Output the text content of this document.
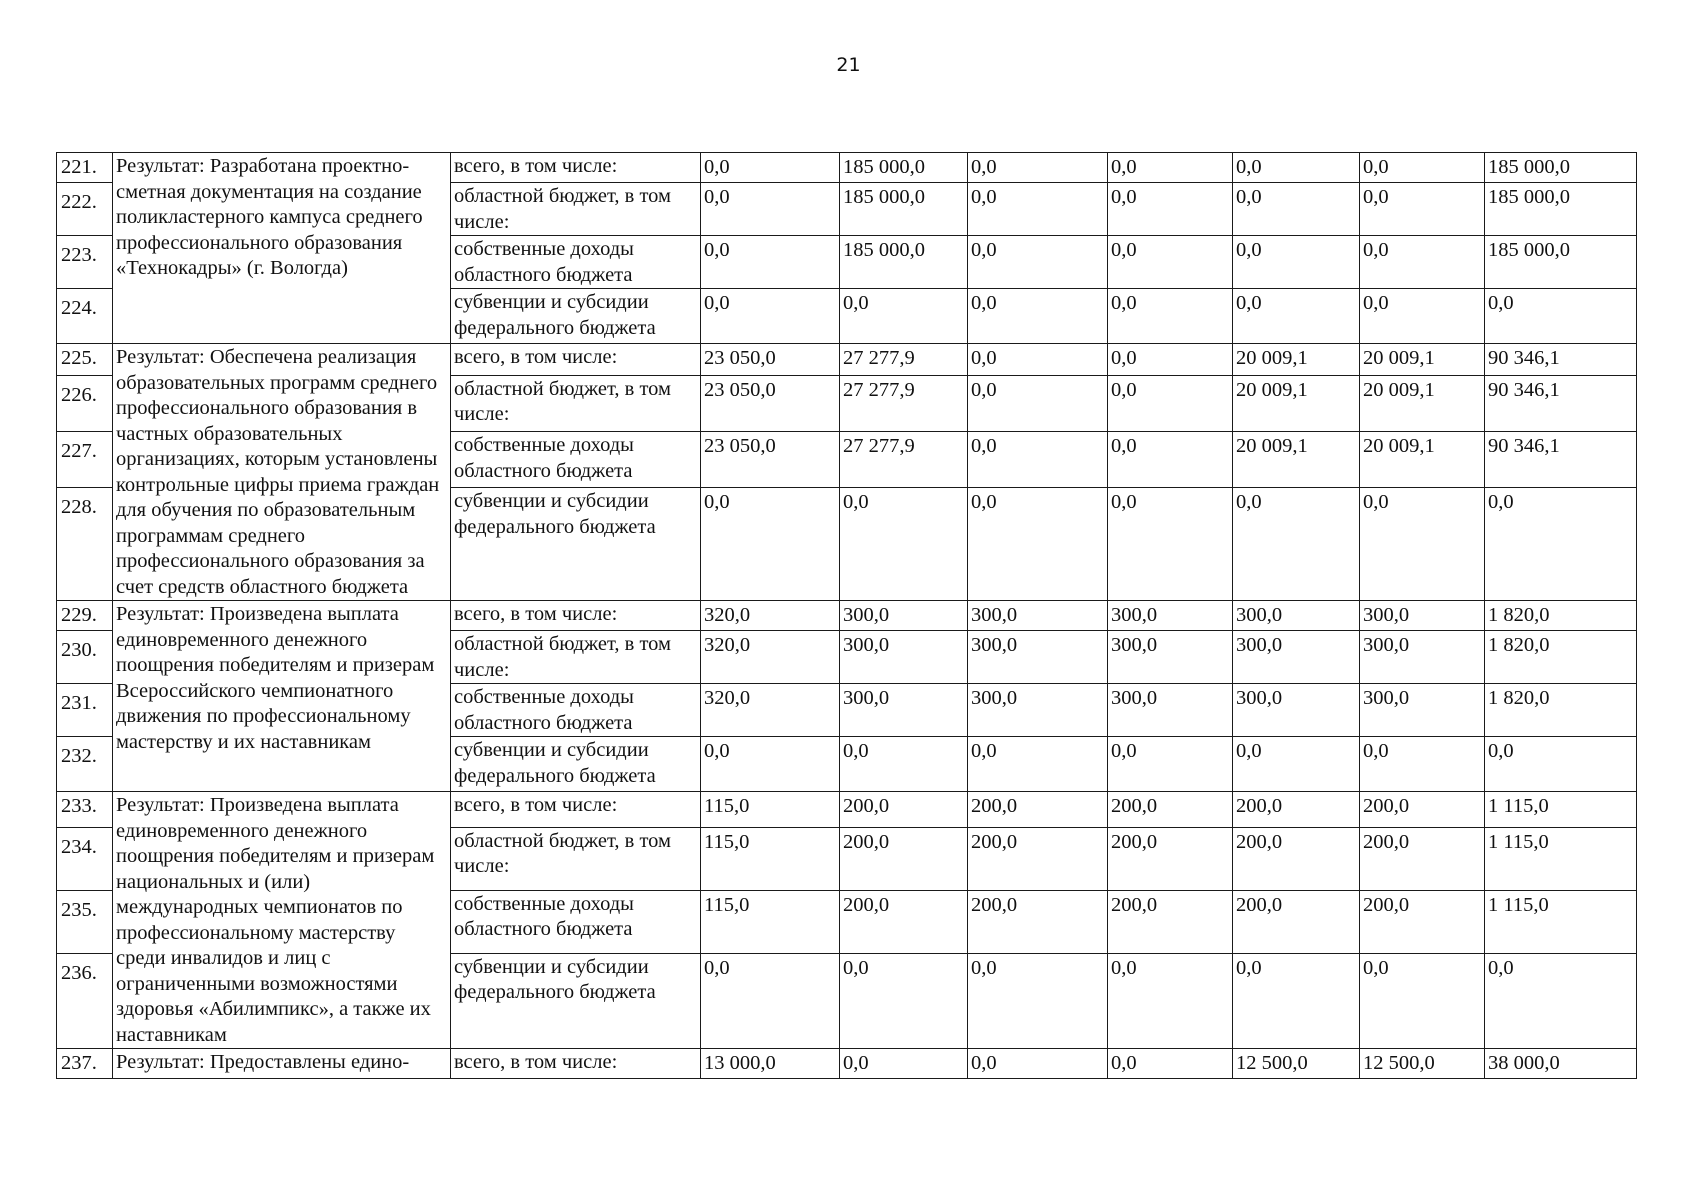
21
221.	Результат: Разработана проектно-сметная документация на создание поликластерного кампуса среднего профессионального образования «Технокадры» (г. Вологда)	всего, в том числе:	0,0	185 000,0	0,0	0,0	0,0	0,0	185 000,0
222.		областной бюджет, в том числе:	0,0	185 000,0	0,0	0,0	0,0	0,0	185 000,0
223.		собственные доходы областного бюджета	0,0	185 000,0	0,0	0,0	0,0	0,0	185 000,0
224.		субвенции и субсидии федерального бюджета	0,0	0,0	0,0	0,0	0,0	0,0	0,0
225.	Результат: Обеспечена реализация образовательных программ среднего профессионального образования в частных образовательных организациях, которым установлены контрольные цифры приема граждан для обучения по образовательным программам среднего профессионального образования за счет средств областного бюджета	всего, в том числе:	23 050,0	27 277,9	0,0	0,0	20 009,1	20 009,1	90 346,1
226.		областной бюджет, в том числе:	23 050,0	27 277,9	0,0	0,0	20 009,1	20 009,1	90 346,1
227.		собственные доходы областного бюджета	23 050,0	27 277,9	0,0	0,0	20 009,1	20 009,1	90 346,1
228.		субвенции и субсидии федерального бюджета	0,0	0,0	0,0	0,0	0,0	0,0	0,0
229.	Результат: Произведена выплата единовременного денежного поощрения победителям и призерам Всероссийского чемпионатного движения по профессиональному мастерству и их наставникам	всего, в том числе:	320,0	300,0	300,0	300,0	300,0	300,0	1 820,0
230.		областной бюджет, в том числе:	320,0	300,0	300,0	300,0	300,0	300,0	1 820,0
231.		собственные доходы областного бюджета	320,0	300,0	300,0	300,0	300,0	300,0	1 820,0
232.		субвенции и субсидии федерального бюджета	0,0	0,0	0,0	0,0	0,0	0,0	0,0
233.	Результат: Произведена выплата единовременного денежного поощрения победителям и призерам национальных и (или) международных чемпионатов по профессиональному мастерству среди инвалидов и лиц с ограниченными возможностями здоровья «Абилимпикс», а также их наставникам	всего, в том числе:	115,0	200,0	200,0	200,0	200,0	200,0	1 115,0
234.		областной бюджет, в том числе:	115,0	200,0	200,0	200,0	200,0	200,0	1 115,0
235.		собственные доходы областного бюджета	115,0	200,0	200,0	200,0	200,0	200,0	1 115,0
236.		субвенции и субсидии федерального бюджета	0,0	0,0	0,0	0,0	0,0	0,0	0,0
237.	Результат: Предоставлены едино-	всего, в том числе:	13 000,0	0,0	0,0	0,0	12 500,0	12 500,0	38 000,0
